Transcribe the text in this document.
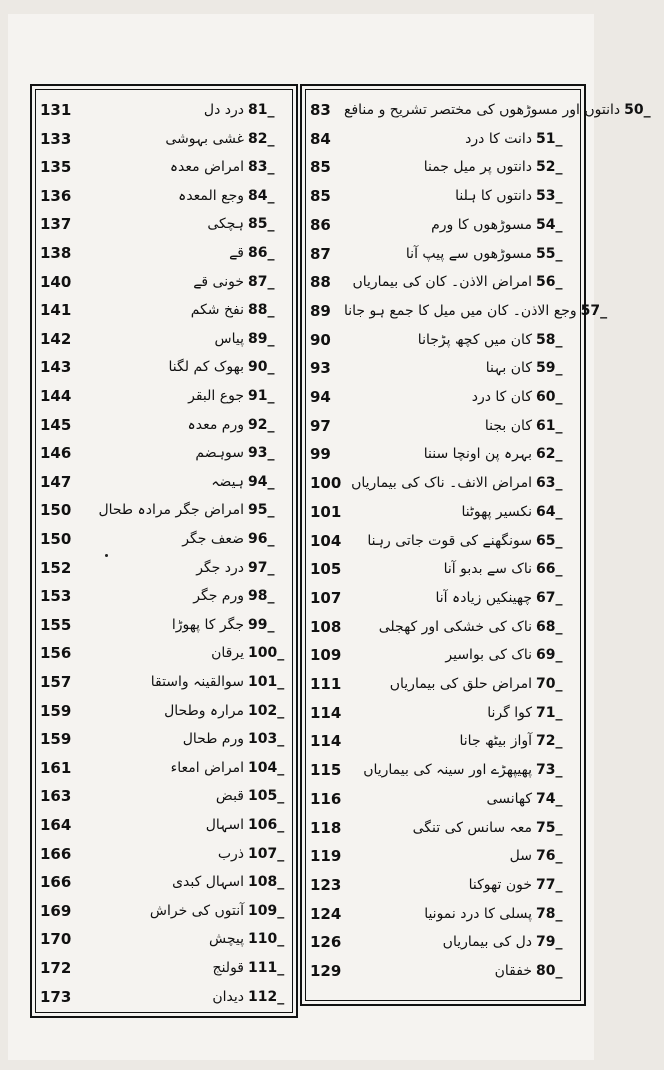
131	درد دل 81_
133	غشی بہوشی 82_
135	امراض معدہ 83_
136	وجع المعدہ 84_
137	ہچکی 85_
138	قے 86_
140	خونی قے 87_
141	نفخ شکم 88_
142	پیاس 89_
143	بھوک کم لگنا 90_
144	جوع البقر 91_
145	ورم معدہ 92_
146	سوہضم 93_
147	ہیضہ 94_
150 امراض جگر مرادہ طحال 95_
150	ضعف جگر 96_
152	درد جگر 97_
153	ورم جگر 98_
155	جگر کا پھوڑا 99_
156	یرقان 100_
157	سوالقینہ واستقا 101_
159	مرارہ وطحال 102_
159	ورم طحال 103_
161	امراض امعاء 104_
163	قبض 105_
164	اسہال 106_
166	ذرب 107_
166	اسہال کبدی 108_
169	آنتوں کی خراش 109_
170	پیچش 110_
172	قولنج 111_
173	دیدان 112_
83 دانتوں اور مسوڑھوں کی مختصر تشریح و منافع 50_
84	دانت کا درد 51_
85	دانتوں پر میل جمنا 52_
85	دانتوں کا ہلنا 53_
86	مسوڑھوں کا ورم 54_
87	مسوڑھوں سے پیپ آنا 55_
88	امراض الاذن۔ کان کی بیماریاں 56_
89 وجع الاذن۔ کان میں میل کا جمع ہو جانا 57_
90	کان میں کچھ پڑجانا 58_
93	کان بہنا 59_
94	کان کا درد 60_
97	کان بجنا 61_
99	بہرہ پن اونچا سننا 62_
100 امراض الانف۔ ناک کی بیماریاں 63_
101	نکسیر پھوٹنا 64_
104 سونگھنے کی قوت جاتی رہنا 65_
105	ناک سے بدبو آنا 66_
107	چھینکیں زیادہ آنا 67_
108	ناک کی خشکی اور کھجلی 68_
109	ناک کی بواسیر 69_
111	امراض حلق کی بیماریاں 70_
114	کوا گرنا 71_
114	آواز بیٹھ جانا 72_
115 پھیپھڑے اور سینہ کی بیماریاں 73_
116	کھانسی 74_
118	معہ سانس کی تنگی 75_
119	سل 76_
123	خون تھوکنا 77_
124	پسلی کا درد نمونیا 78_
126	دل کی بیماریاں 79_
129	خفقان 80_
